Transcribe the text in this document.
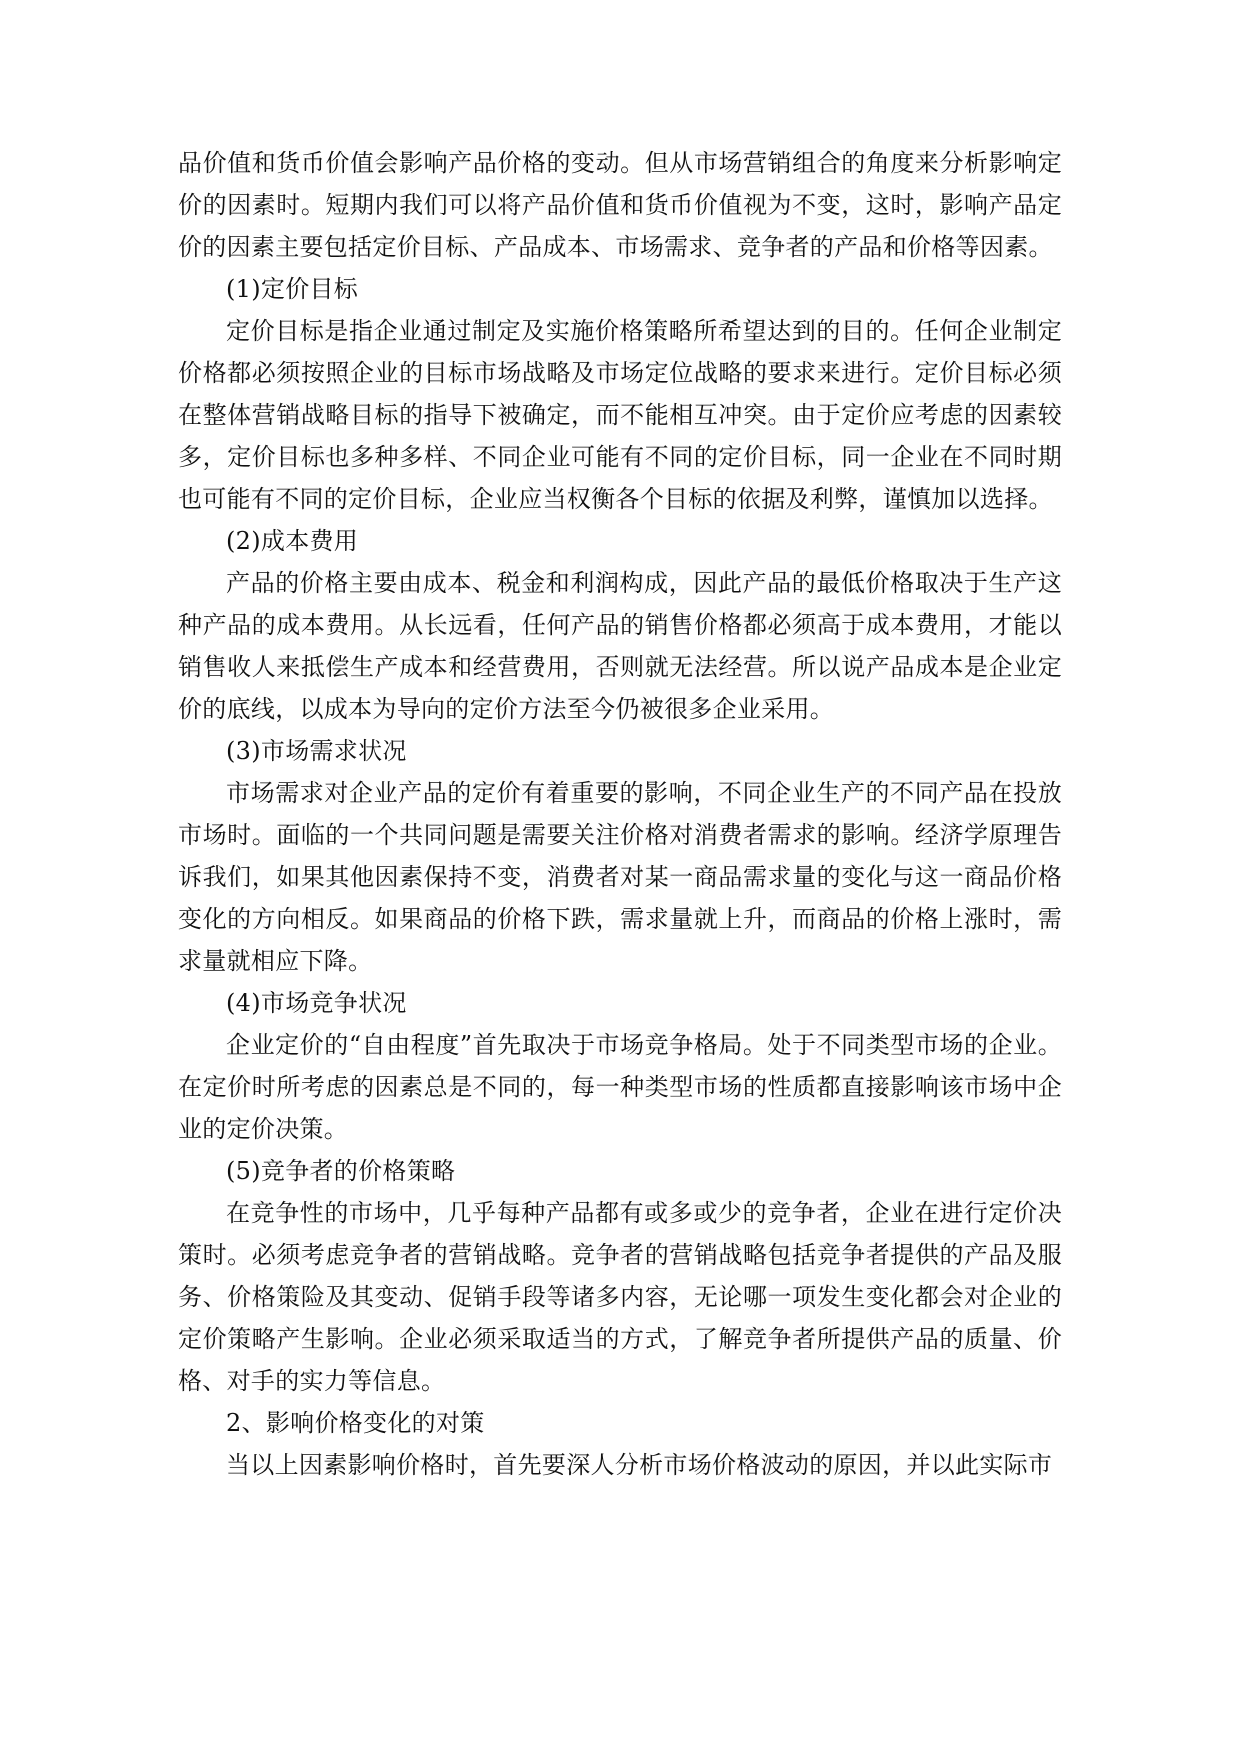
品价值和货币价值会影响产品价格的变动。但从市场营销组合的角度来分析影响定价的因素时。短期内我们可以将产品价值和货币价值视为不变，这时，影响产品定价的因素主要包括定价目标、产品成本、市场需求、竞争者的产品和价格等因素。

(1)定价目标

定价目标是指企业通过制定及实施价格策略所希望达到的目的。任何企业制定价格都必须按照企业的目标市场战略及市场定位战略的要求来进行。定价目标必须在整体营销战略目标的指导下被确定，而不能相互冲突。由于定价应考虑的因素较多，定价目标也多种多样、不同企业可能有不同的定价目标，同一企业在不同时期也可能有不同的定价目标，企业应当权衡各个目标的依据及利弊，谨慎加以选择。

(2)成本费用

产品的价格主要由成本、税金和利润构成，因此产品的最低价格取决于生产这种产品的成本费用。从长远看，任何产品的销售价格都必须高于成本费用，才能以销售收人来抵偿生产成本和经营费用，否则就无法经营。所以说产品成本是企业定价的底线，以成本为导向的定价方法至今仍被很多企业采用。

(3)市场需求状况

市场需求对企业产品的定价有着重要的影响，不同企业生产的不同产品在投放市场时。面临的一个共同问题是需要关注价格对消费者需求的影响。经济学原理告诉我们，如果其他因素保持不变，消费者对某一商品需求量的变化与这一商品价格变化的方向相反。如果商品的价格下跌，需求量就上升，而商品的价格上涨时，需求量就相应下降。

(4)市场竞争状况

企业定价的“自由程度”首先取决于市场竞争格局。处于不同类型市场的企业。在定价时所考虑的因素总是不同的，每一种类型市场的性质都直接影响该市场中企业的定价决策。

(5)竞争者的价格策略

在竞争性的市场中，几乎每种产品都有或多或少的竞争者，企业在进行定价决策时。必须考虑竞争者的营销战略。竞争者的营销战略包括竞争者提供的产品及服务、价格策险及其变动、促销手段等诸多内容，无论哪一项发生变化都会对企业的定价策略产生影响。企业必须采取适当的方式，了解竞争者所提供产品的质量、价格、对手的实力等信息。

2、影响价格变化的对策

当以上因素影响价格时，首先要深人分析市场价格波动的原因，并以此实际市
